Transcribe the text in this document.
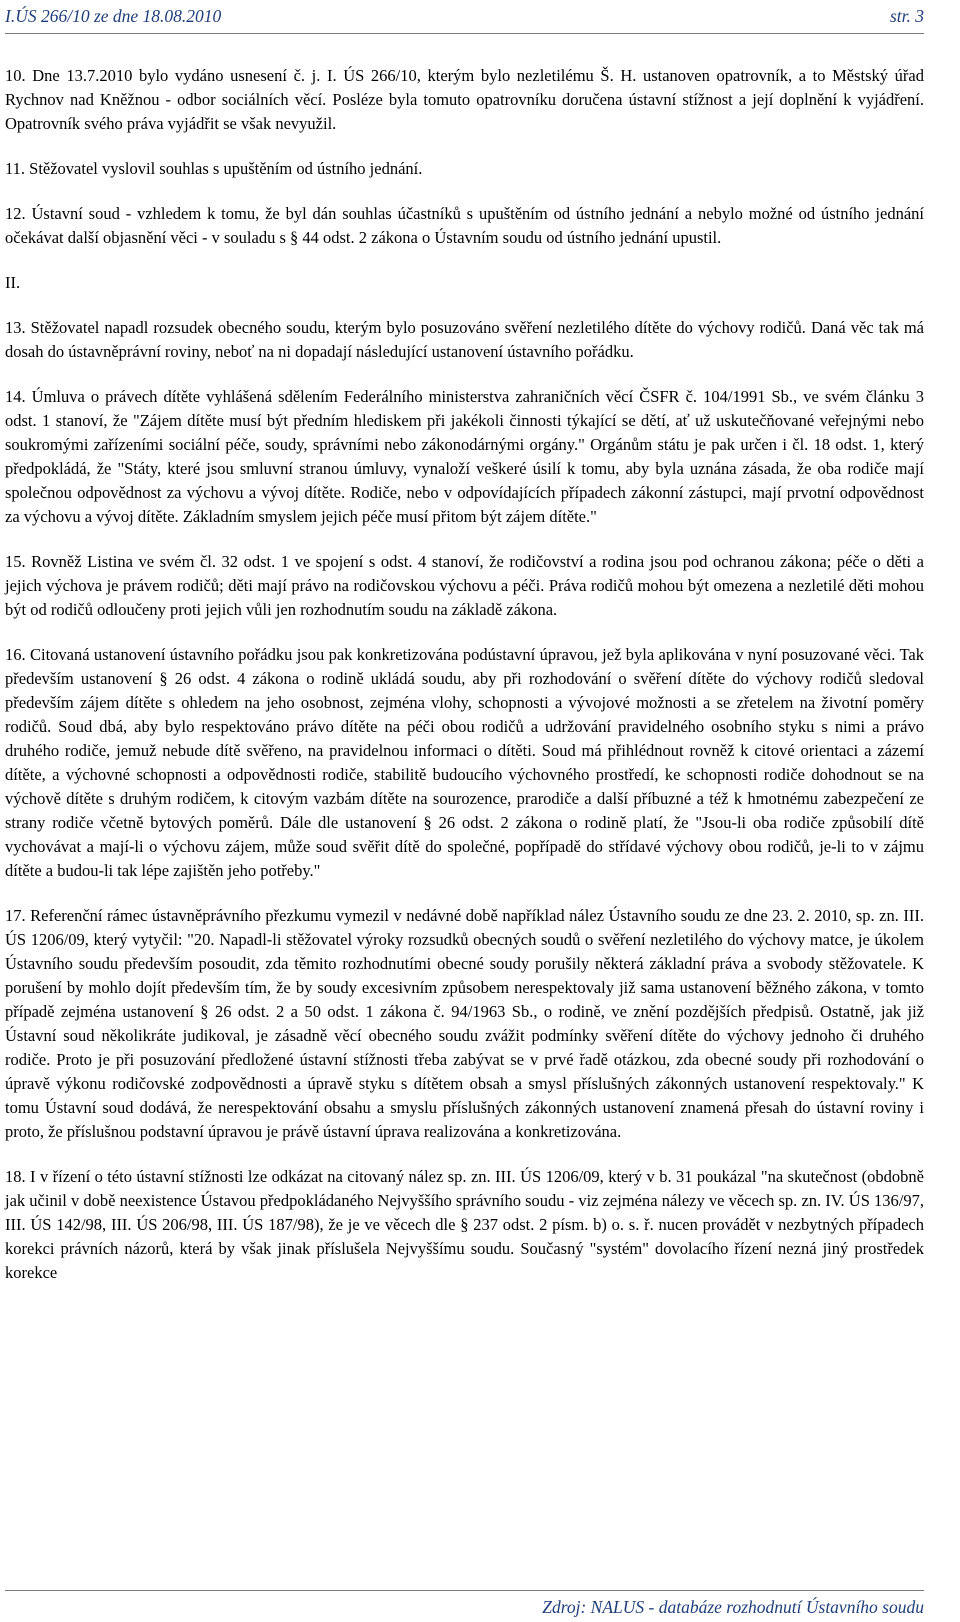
I.ÚS 266/10 ze dne 18.08.2010	str. 3

10. Dne 13.7.2010 bylo vydáno usnesení č. j. I. ÚS 266/10, kterým bylo nezletilému Š. H. ustanoven opatrovník, a to Městský úřad Rychnov nad Kněžnou - odbor sociálních věcí. Posléze byla tomuto opatrovníku doručena ústavní stížnost a její doplnění k vyjádření. Opatrovník svého práva vyjádřit se však nevyužil.

11. Stěžovatel vyslovil souhlas s upuštěním od ústního jednání.

12. Ústavní soud - vzhledem k tomu, že byl dán souhlas účastníků s upuštěním od ústního jednání a nebylo možné od ústního jednání očekávat další objasnění věci - v souladu s § 44 odst. 2 zákona o Ústavním soudu od ústního jednání upustil.

II.

13. Stěžovatel napadl rozsudek obecného soudu, kterým bylo posuzováno svěření nezletilého dítěte do výchovy rodičů. Daná věc tak má dosah do ústavněprávní roviny, neboť na ni dopadají následující ustanovení ústavního pořádku.

14. Úmluva o právech dítěte vyhlášená sdělením Federálního ministerstva zahraničních věcí ČSFR č. 104/1991 Sb., ve svém článku 3 odst. 1 stanoví, že "Zájem dítěte musí být předním hlediskem při jakékoli činnosti týkající se dětí, ať už uskutečňované veřejnými nebo soukromými zařízeními sociální péče, soudy, správními nebo zákonodárnými orgány." Orgánům státu je pak určen i čl. 18 odst. 1, který předpokládá, že "Státy, které jsou smluvní stranou úmluvy, vynaloží veškeré úsilí k tomu, aby byla uznána zásada, že oba rodiče mají společnou odpovědnost za výchovu a vývoj dítěte. Rodiče, nebo v odpovídajících případech zákonní zástupci, mají prvotní odpovědnost za výchovu a vývoj dítěte. Základním smyslem jejich péče musí přitom být zájem dítěte."

15. Rovněž Listina ve svém čl. 32 odst. 1 ve spojení s odst. 4 stanoví, že rodičovství a rodina jsou pod ochranou zákona; péče o děti a jejich výchova je právem rodičů; děti mají právo na rodičovskou výchovu a péči. Práva rodičů mohou být omezena a nezletilé děti mohou být od rodičů odloučeny proti jejich vůli jen rozhodnutím soudu na základě zákona.

16. Citovaná ustanovení ústavního pořádku jsou pak konkretizována podústavní úpravou, jež byla aplikována v nyní posuzované věci. Tak především ustanovení § 26 odst. 4 zákona o rodině ukládá soudu, aby při rozhodování o svěření dítěte do výchovy rodičů sledoval především zájem dítěte s ohledem na jeho osobnost, zejména vlohy, schopnosti a vývojové možnosti a se zřetelem na životní poměry rodičů. Soud dbá, aby bylo respektováno právo dítěte na péči obou rodičů a udržování pravidelného osobního styku s nimi a právo druhého rodiče, jemuž nebude dítě svěřeno, na pravidelnou informaci o dítěti. Soud má přihlédnout rovněž k citové orientaci a zázemí dítěte, a výchovné schopnosti a odpovědnosti rodiče, stabilitě budoucího výchovného prostředí, ke schopnosti rodiče dohodnout se na výchově dítěte s druhým rodičem, k citovým vazbám dítěte na sourozence, prarodiče a další příbuzné a též k hmotnému zabezpečení ze strany rodiče včetně bytových poměrů. Dále dle ustanovení § 26 odst. 2 zákona o rodině platí, že "Jsou-li oba rodiče způsobilí dítě vychovávat a mají-li o výchovu zájem, může soud svěřit dítě do společné, popřípadě do střídavé výchovy obou rodičů, je-li to v zájmu dítěte a budou-li tak lépe zajištěn jeho potřeby."

17. Referenční rámec ústavněprávního přezkumu vymezil v nedávné době například nález Ústavního soudu ze dne 23. 2. 2010, sp. zn. III. ÚS 1206/09, který vytyčil: "20. Napadl-li stěžovatel výroky rozsudků obecných soudů o svěření nezletilého do výchovy matce, je úkolem Ústavního soudu především posoudit, zda těmito rozhodnutími obecné soudy porušily některá základní práva a svobody stěžovatele. K porušení by mohlo dojít především tím, že by soudy excesivním způsobem nerespektovaly již sama ustanovení běžného zákona, v tomto případě zejména ustanovení § 26 odst. 2 a 50 odst. 1 zákona č. 94/1963 Sb., o rodině, ve znění pozdějších předpisů. Ostatně, jak již Ústavní soud několikráte judikoval, je zásadně věcí obecného soudu zvážit podmínky svěření dítěte do výchovy jednoho či druhého rodiče. Proto je při posuzování předložené ústavní stížnosti třeba zabývat se v prvé řadě otázkou, zda obecné soudy při rozhodování o úpravě výkonu rodičovské zodpovědnosti a úpravě styku s dítětem obsah a smysl příslušných zákonných ustanovení respektovaly." K tomu Ústavní soud dodává, že nerespektování obsahu a smyslu příslušných zákonných ustanovení znamená přesah do ústavní roviny i proto, že příslušnou podstavní úpravou je právě ústavní úprava realizována a konkretizována.

18. I v řízení o této ústavní stížnosti lze odkázat na citovaný nález sp. zn. III. ÚS 1206/09, který v b. 31 poukázal "na skutečnost (obdobně jak učinil v době neexistence Ústavou předpokládaného Nejvyššího správního soudu - viz zejména nálezy ve věcech sp. zn. IV. ÚS 136/97, III. ÚS 142/98, III. ÚS 206/98, III. ÚS 187/98), že je ve věcech dle § 237 odst. 2 písm. b) o. s. ř. nucen provádět v nezbytných případech korekci právních názorů, která by však jinak příslušela Nejvyššímu soudu. Současný "systém" dovolacího řízení nezná jiný prostředek korekce

Zdroj: NALUS - databáze rozhodnutí Ústavního soudu
